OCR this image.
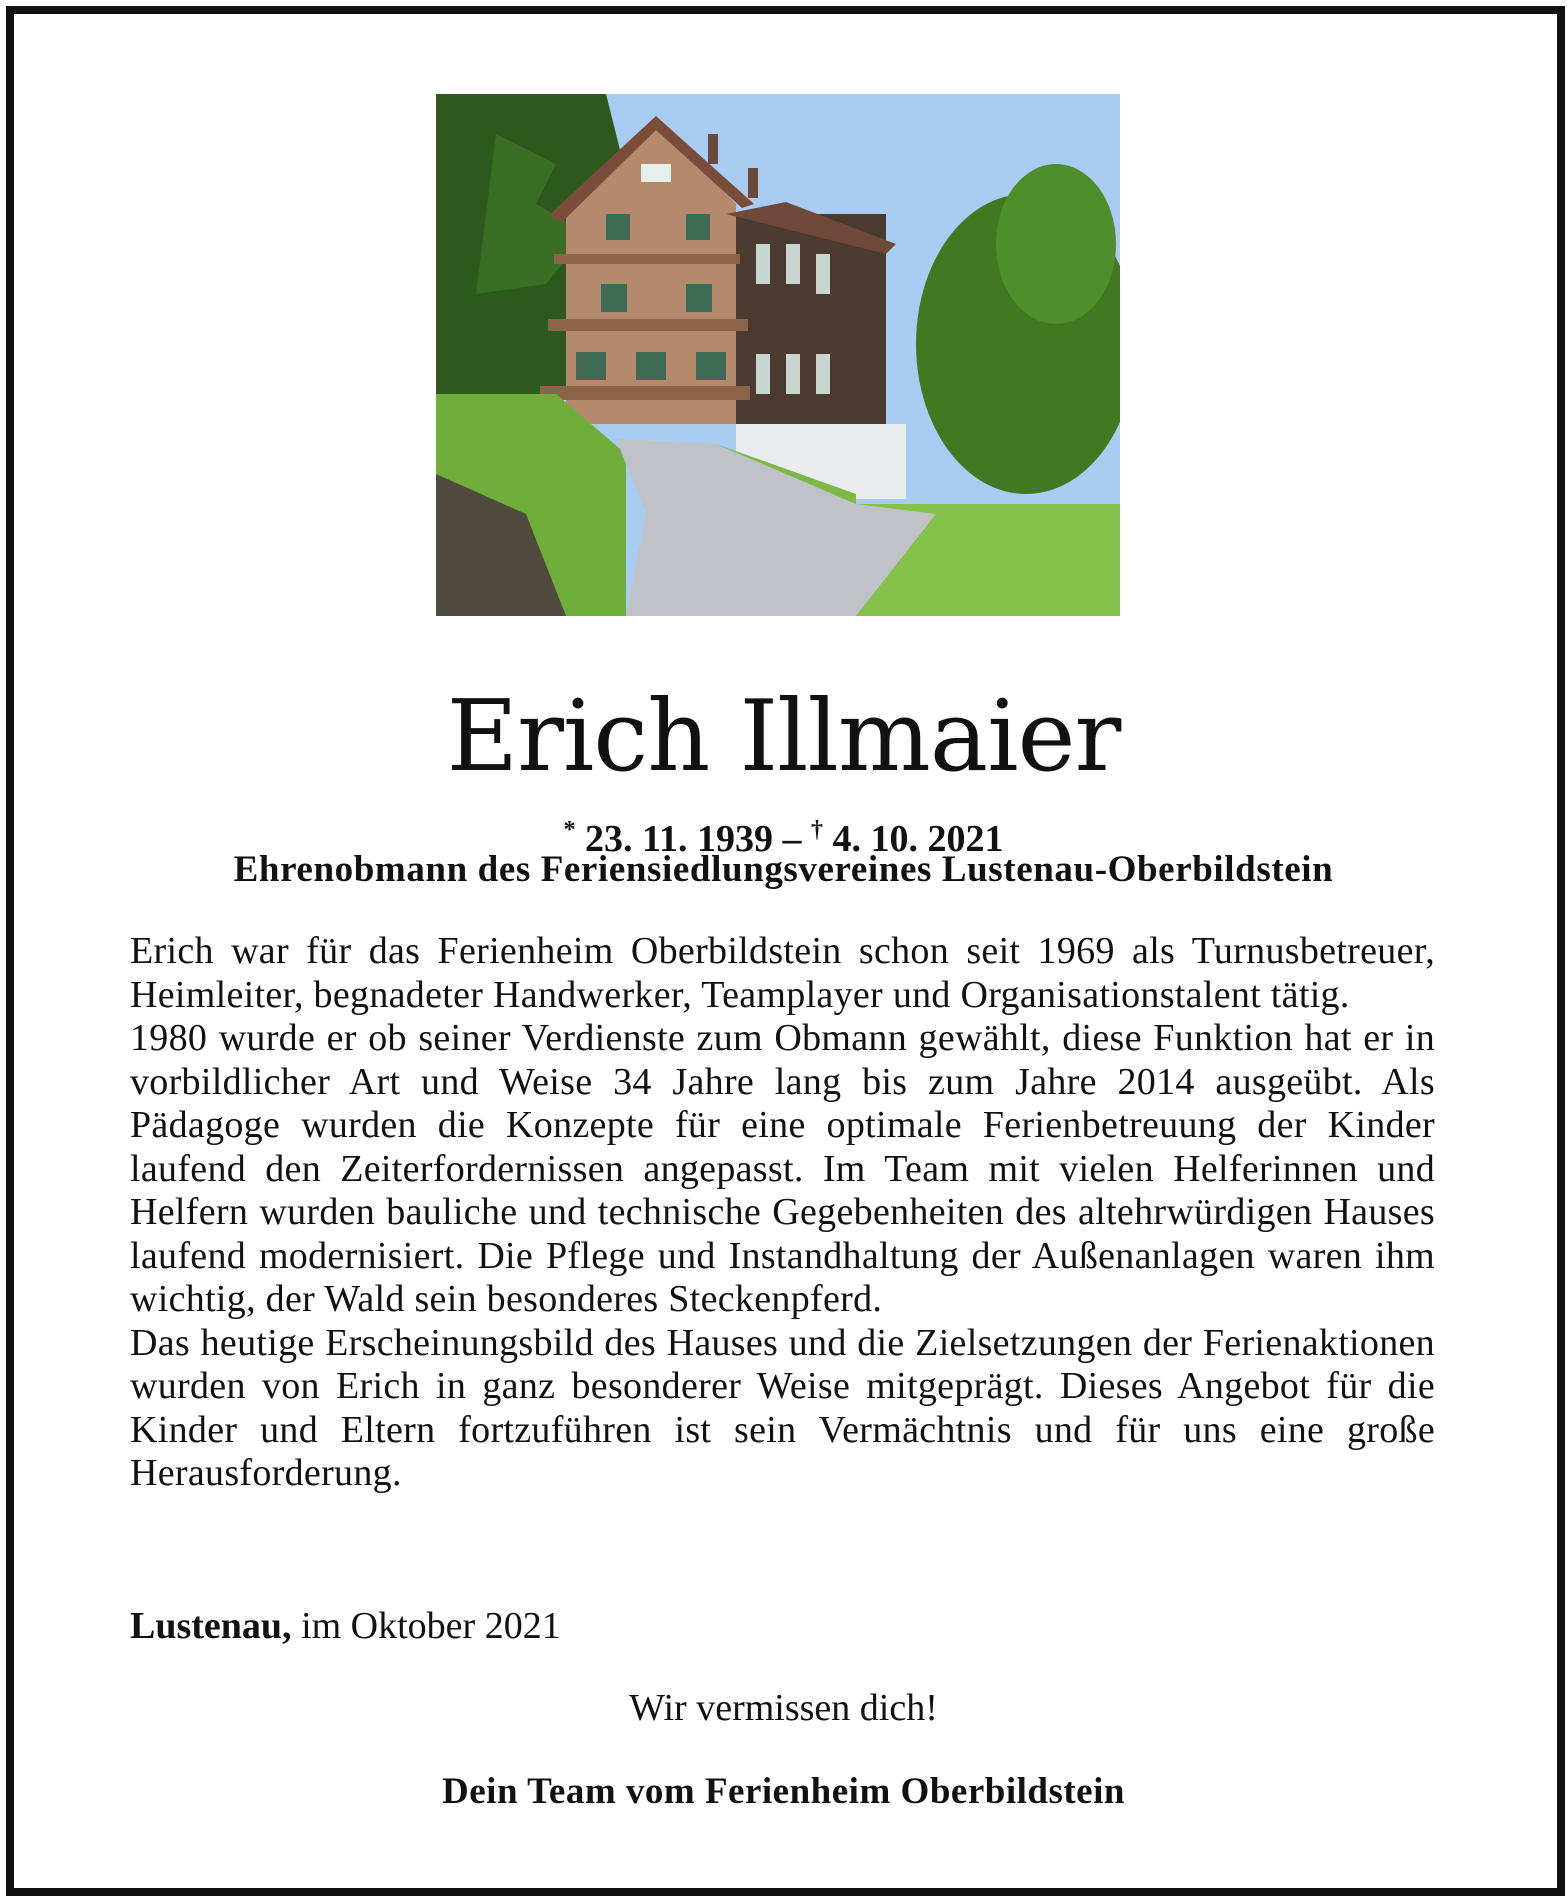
Erich Illmaier
* 23. 11. 1939 – † 4. 10. 2021
Ehrenobmann des Feriensiedlungsvereines Lustenau-Oberbildstein

Erich war für das Ferienheim Oberbildstein schon seit 1969 als Turnusbetreuer, Heimleiter, begnadeter Handwerker, Teamplayer und Organisationstalent tätig.

1980 wurde er ob seiner Verdienste zum Obmann gewählt, diese Funktion hat er in vorbildlicher Art und Weise 34 Jahre lang bis zum Jahre 2014 ausgeübt. Als Pädagoge wurden die Konzepte für eine optimale Ferienbetreuung der Kinder laufend den Zeiterfordernissen angepasst. Im Team mit vielen Helferinnen und Helfern wurden bauliche und technische Gegebenheiten des altehrwürdigen Hauses laufend modernisiert. Die Pflege und Instandhaltung der Außenanlagen waren ihm wichtig, der Wald sein besonderes Steckenpferd.

Das heutige Erscheinungsbild des Hauses und die Zielsetzungen der Ferienaktionen wurden von Erich in ganz besonderer Weise mitgeprägt. Dieses Angebot für die Kinder und Eltern fortzuführen ist sein Vermächtnis und für uns eine große Herausforderung.

Lustenau, im Oktober 2021
Wir vermissen dich!
Dein Team vom Ferienheim Oberbildstein
